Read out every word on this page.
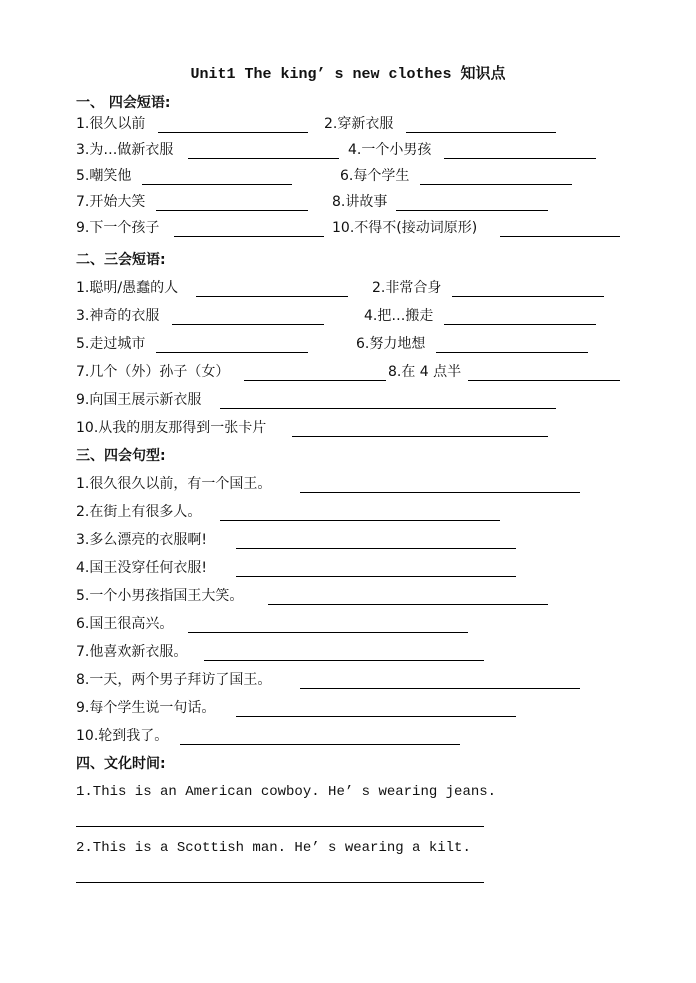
Unit1 The king’ s new clothes 知识点
一、 四会短语:
1.很久以前	2.穿新衣服
3.为…做新衣服	4.一个小男孩
5.嘲笑他	6.每个学生
7.开始大笑	8.讲故事
9.下一个孩子	10.不得不(接动词原形)
二、三会短语:
1.聪明/愚蠢的人	2.非常合身
3.神奇的衣服	4.把…搬走
5.走过城市	6.努力地想
7.几个（外）孙子（女）	8.在 4 点半
9.向国王展示新衣服
10.从我的朋友那得到一张卡片
三、四会句型:
1.很久很久以前，有一个国王。
2.在街上有很多人。
3.多么漂亮的衣服啊!
4.国王没穿任何衣服!
5.一个小男孩指国王大笑。
6.国王很高兴。
7.他喜欢新衣服。
8.一天，两个男子拜访了国王。
9.每个学生说一句话。
10.轮到我了。
四、文化时间:
1.This is an American cowboy. He’ s wearing jeans.
2.This is a Scottish man. He’ s wearing a kilt.
